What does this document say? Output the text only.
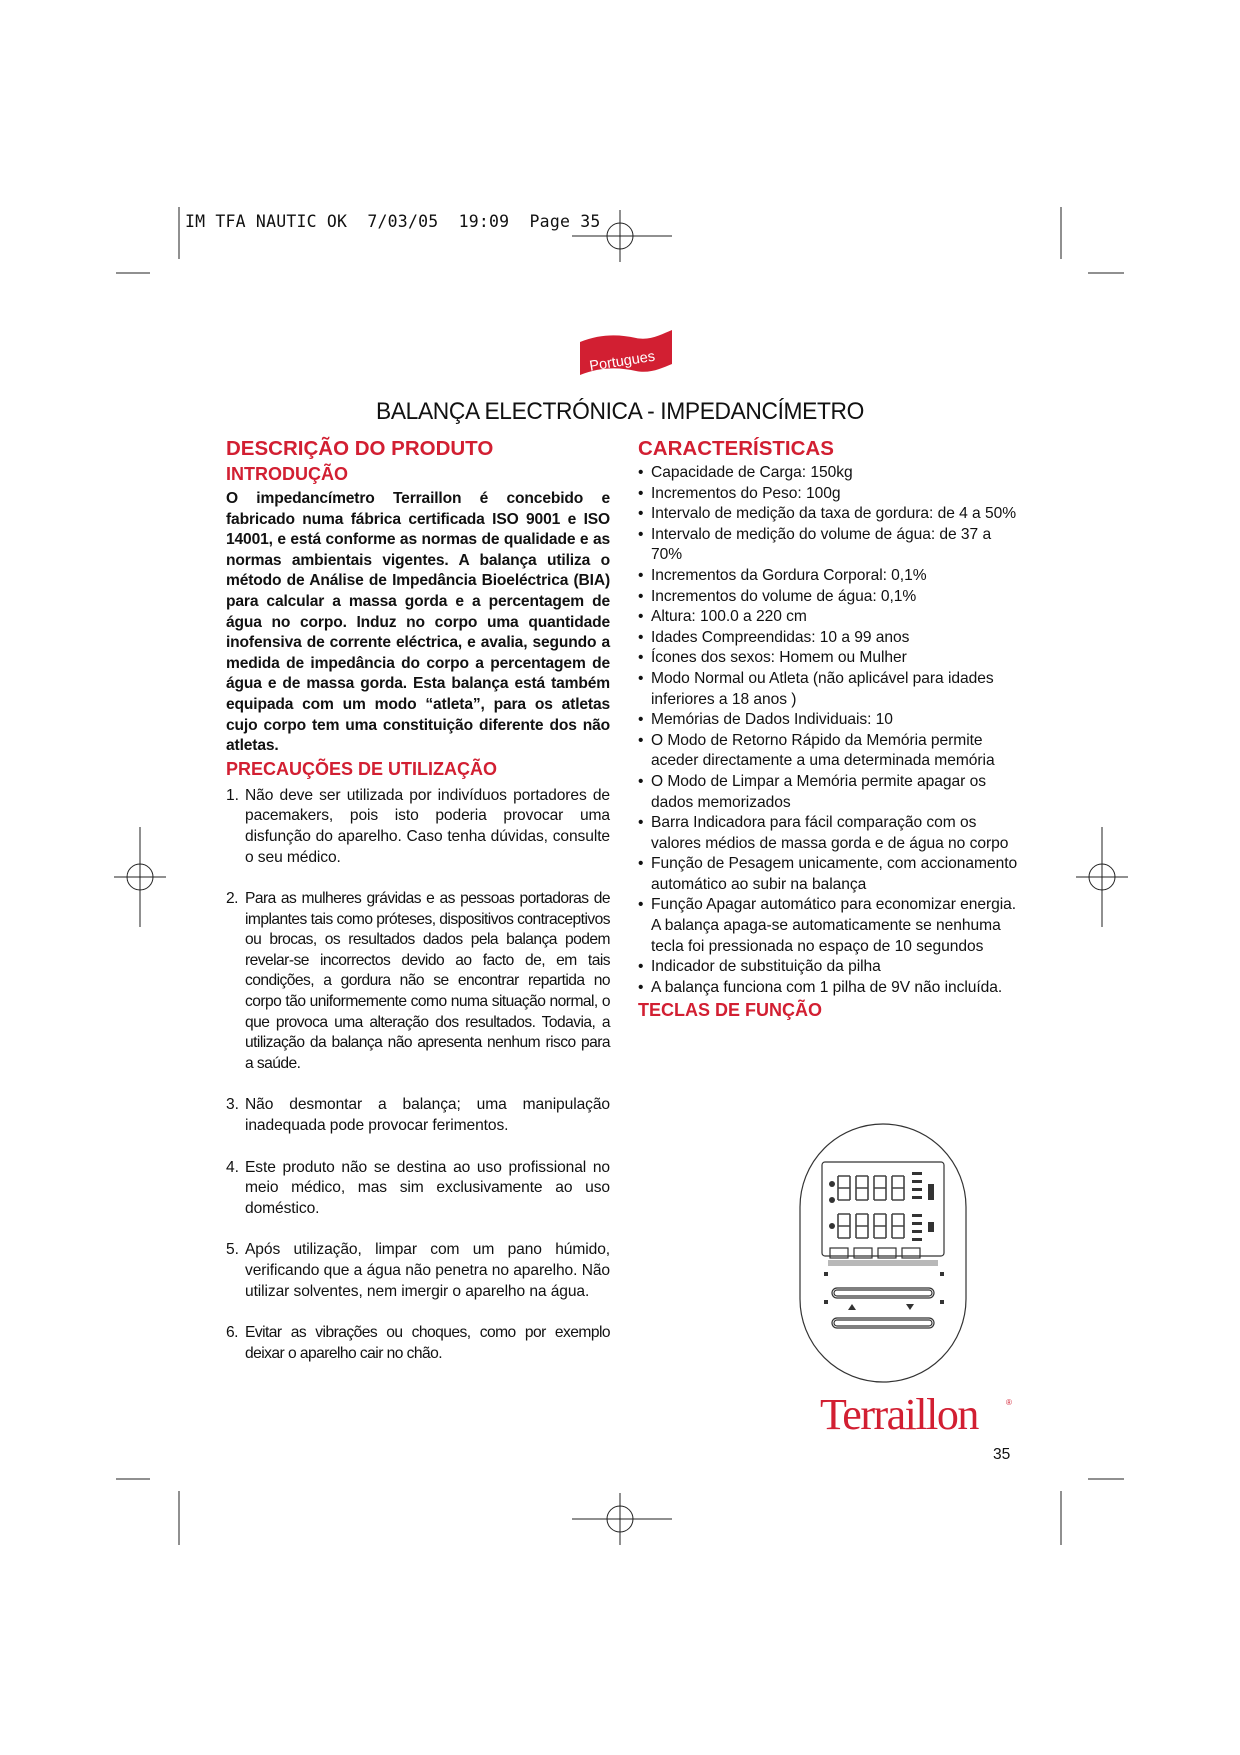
IM TFA NAUTIC OK  7/03/05  19:09  Page 35
Portugues
BALANÇA ELECTRÓNICA - IMPEDANCÍMETRO
DESCRIÇÃO DO PRODUTO
INTRODUÇÃO

O impedancímetro Terraillon é concebido e fabricado numa fábrica certificada ISO 9001 e ISO 14001, e está conforme as normas de qualidade e as normas ambientais vigentes. A balança utiliza o método de Análise de Impedância Bioeléctrica (BIA) para calcular a massa gorda e a percentagem de água no corpo. Induz no corpo uma quantidade inofensiva de corrente eléctrica, e avalia, segundo a medida de impedância do corpo a percentagem de água e de massa gorda. Esta balança está também equipada com um modo “atleta”, para os atletas cujo corpo tem uma constituição diferente dos não atletas.

PRECAUÇÕES DE UTILIZAÇÃO
1. Não deve ser utilizada por indivíduos portadores de pacemakers, pois isto poderia provocar uma disfunção do aparelho. Caso tenha dúvidas, consulte o seu médico.
2. Para as mulheres grávidas e as pessoas portadoras de implantes tais como próteses, dispositivos contraceptivos ou brocas, os resultados dados pela balança podem revelar-se incorrectos devido ao facto de, em tais condições, a gordura não se encontrar repartida no corpo tão uniformemente como numa situação normal, o que provoca uma alteração dos resultados. Todavia, a utilização da balança não apresenta nenhum risco para a saúde.
3. Não desmontar a balança; uma manipulação inadequada pode provocar ferimentos.
4. Este produto não se destina ao uso profissional no meio médico, mas sim exclusivamente ao uso doméstico.
5. Após utilização, limpar com um pano húmido, verificando que a água não penetra no aparelho. Não utilizar solventes, nem imergir o aparelho na água.
6. Evitar as vibrações ou choques, como por exemplo deixar o aparelho cair no chão.
CARACTERÍSTICAS
• Capacidade de Carga: 150kg
• Incrementos do Peso: 100g
• Intervalo de medição da taxa de gordura: de 4 a 50%
• Intervalo de medição do volume de água: de 37 a 70%
• Incrementos da Gordura Corporal: 0,1%
• Incrementos do volume de água: 0,1%
• Altura: 100.0 a 220 cm
• Idades Compreendidas: 10 a 99 anos
• Ícones dos sexos: Homem ou Mulher
• Modo Normal ou Atleta (não aplicável para idades inferiores a 18 anos )
• Memórias de Dados Individuais: 10
• O Modo de Retorno Rápido da Memória permite aceder directamente a uma determinada memória
• O Modo de Limpar a Memória permite apagar os dados memorizados
• Barra Indicadora para fácil comparação com os valores médios de massa gorda e de água no corpo
• Função de Pesagem unicamente, com accionamento automático ao subir na balança
• Função Apagar automático para economizar energia. A balança apaga-se automaticamente se nenhuma tecla foi pressionada no espaço de 10 segundos
• Indicador de substituição da pilha
• A balança funciona com 1 pilha de 9V não incluída.
TECLAS DE FUNÇÃO
Terraillon	®
35
